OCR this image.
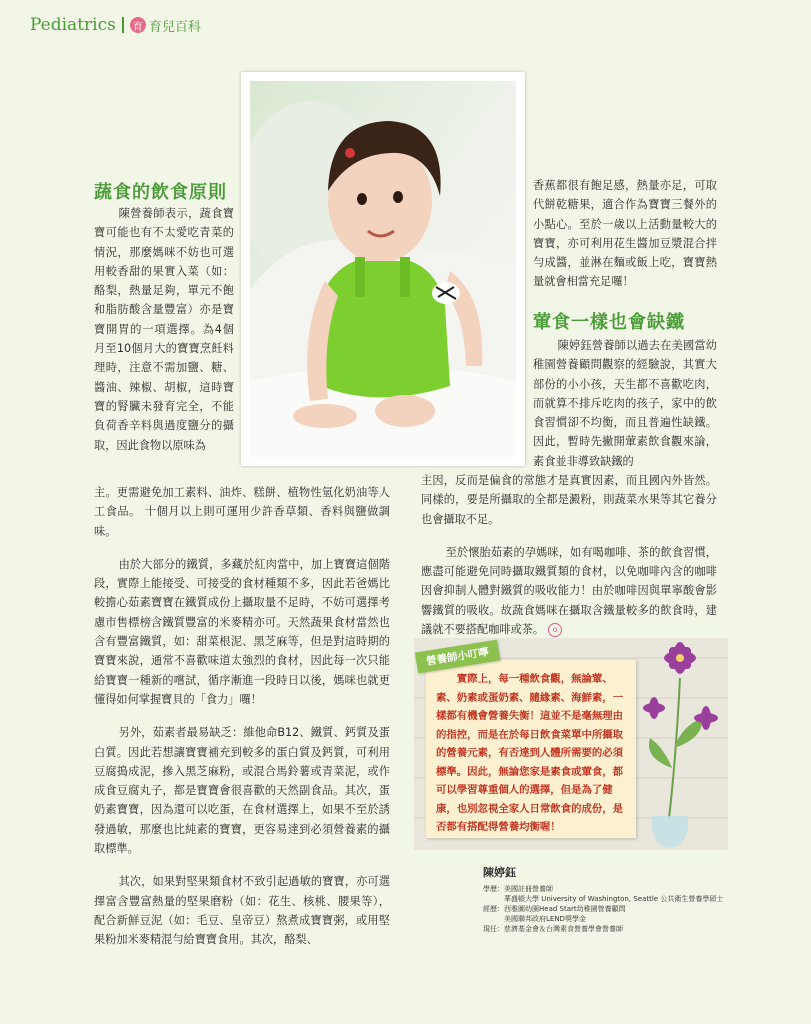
Pediatrics	育 育兒百科
蔬食的飲食原則

陳營養師表示，蔬食寶寶可能也有不太愛吃青菜的情況，那麼媽咪不妨也可選用較香甜的果實入菜（如：酪梨，熱量足夠，單元不飽和脂肪酸含量豐富）亦是寶寶開胃的一項選擇。為4個月至10個月大的寶寶烹飪料理時，注意不需加鹽、糖、醬油、辣椒、胡椒，這時寶寶的腎臟未發育完全，不能負荷香辛料與過度鹽分的攝取，因此食物以原味為

主。更需避免加工素料、油炸、糕餅、植物性氫化奶油等人工食品。 十個月以上則可運用少許香草類、香料與鹽做調味。

由於大部分的鐵質，多藏於紅肉當中，加上寶寶這個階段，實際上能接受、可接受的食材種類不多，因此若爸媽比較擔心茹素寶寶在鐵質成份上攝取量不足時，不妨可選擇考慮市售標榜含鐵質豐富的米麥精亦可。天然蔬果食材當然也含有豐富鐵質，如：甜菜根泥、黑芝麻等，但是對這時期的寶寶來說，通常不喜歡味道太強烈的食材，因此每一次只能給寶寶一種新的嚐試，循序漸進一段時日以後，媽咪也就更懂得如何掌握寶貝的「食力」囉！

另外，茹素者最易缺乏：維他命B12、鐵質、鈣質及蛋白質。因此若想讓寶寶補充到較多的蛋白質及鈣質，可利用豆腐搗成泥，摻入黑芝麻粉，或混合馬鈴薯或青菜泥，或作成食豆腐丸子，都是寶寶會很喜歡的天然副食品。其次，蛋奶素寶寶，因為還可以吃蛋，在食材選擇上，如果不至於誘發過敏，那麼也比純素的寶寶，更容易達到必須營養素的攝取標準。

其次，如果對堅果類食材不致引起過敏的寶寶，亦可選擇富含豐富熱量的堅果磨粉（如：花生、核桃、腰果等），配合新鮮豆泥（如：毛豆、皇帝豆）熬煮成寶寶粥，或用堅果粉加米麥精混勻給寶寶食用。其次，酪梨、

香蕉都很有飽足感，熱量亦足，可取代餅乾糖果，適合作為寶寶三餐外的小點心。至於一歲以上活動量較大的寶寶，亦可利用花生醬加豆漿混合拌勻成醬，並淋在麵或飯上吃，寶寶熱量就會相當充足囉！

葷食一樣也會缺鐵

陳婷鈺營養師以過去在美國當幼稚園營養顧問觀察的經驗說，其實大部份的小小孩，天生都不喜歡吃肉，而就算不排斥吃肉的孩子，家中的飲食習慣卻不均衡，而且普遍性缺鐵。因此，暫時先撇開葷素飲食觀來論，素食並非導致缺鐵的

主因，反而是偏食的常態才是真實因素，而且國內外皆然。同樣的，要是所攝取的全都是澱粉，則蔬菜水果等其它養分也會攝取不足。

至於懷胎茹素的孕媽咪，如有喝咖啡、茶的飲食習慣，應盡可能避免同時攝取鐵質類的食材，以免咖啡內含的咖啡因會抑制人體對鐵質的吸收能力！由於咖啡因與單寧酸會影響鐵質的吸收。故蔬食媽咪在攝取含鐵量較多的飲食時，建議就不要搭配咖啡或茶。 o

實際上，每一種飲食觀，無論葷、素、奶素或蛋奶素、隨緣素、海鮮素，一樣都有機會營養失衡！這並不是毫無理由的指控，而是在於每日飲食菜單中所攝取的營養元素，有否達到人體所需要的必須標準。因此，無論您家是素食或葷食，都可以學習尊重個人的選擇，但是為了健康，也別忽視全家人日常飲食的成份，是否都有搭配得營養均衡喔！

營養師小叮嚀
陳婷鈺
學歷：美國註冊營養師
華盛頓大學 University of Washington, Seattle 公共衛生營養學碩士
經歷：西雅圖幼園Head Start幼稚園營養顧問
美國聯邦政府LEND獎學金
現任：慈濟基金會＆台灣素食營養學會營養師
